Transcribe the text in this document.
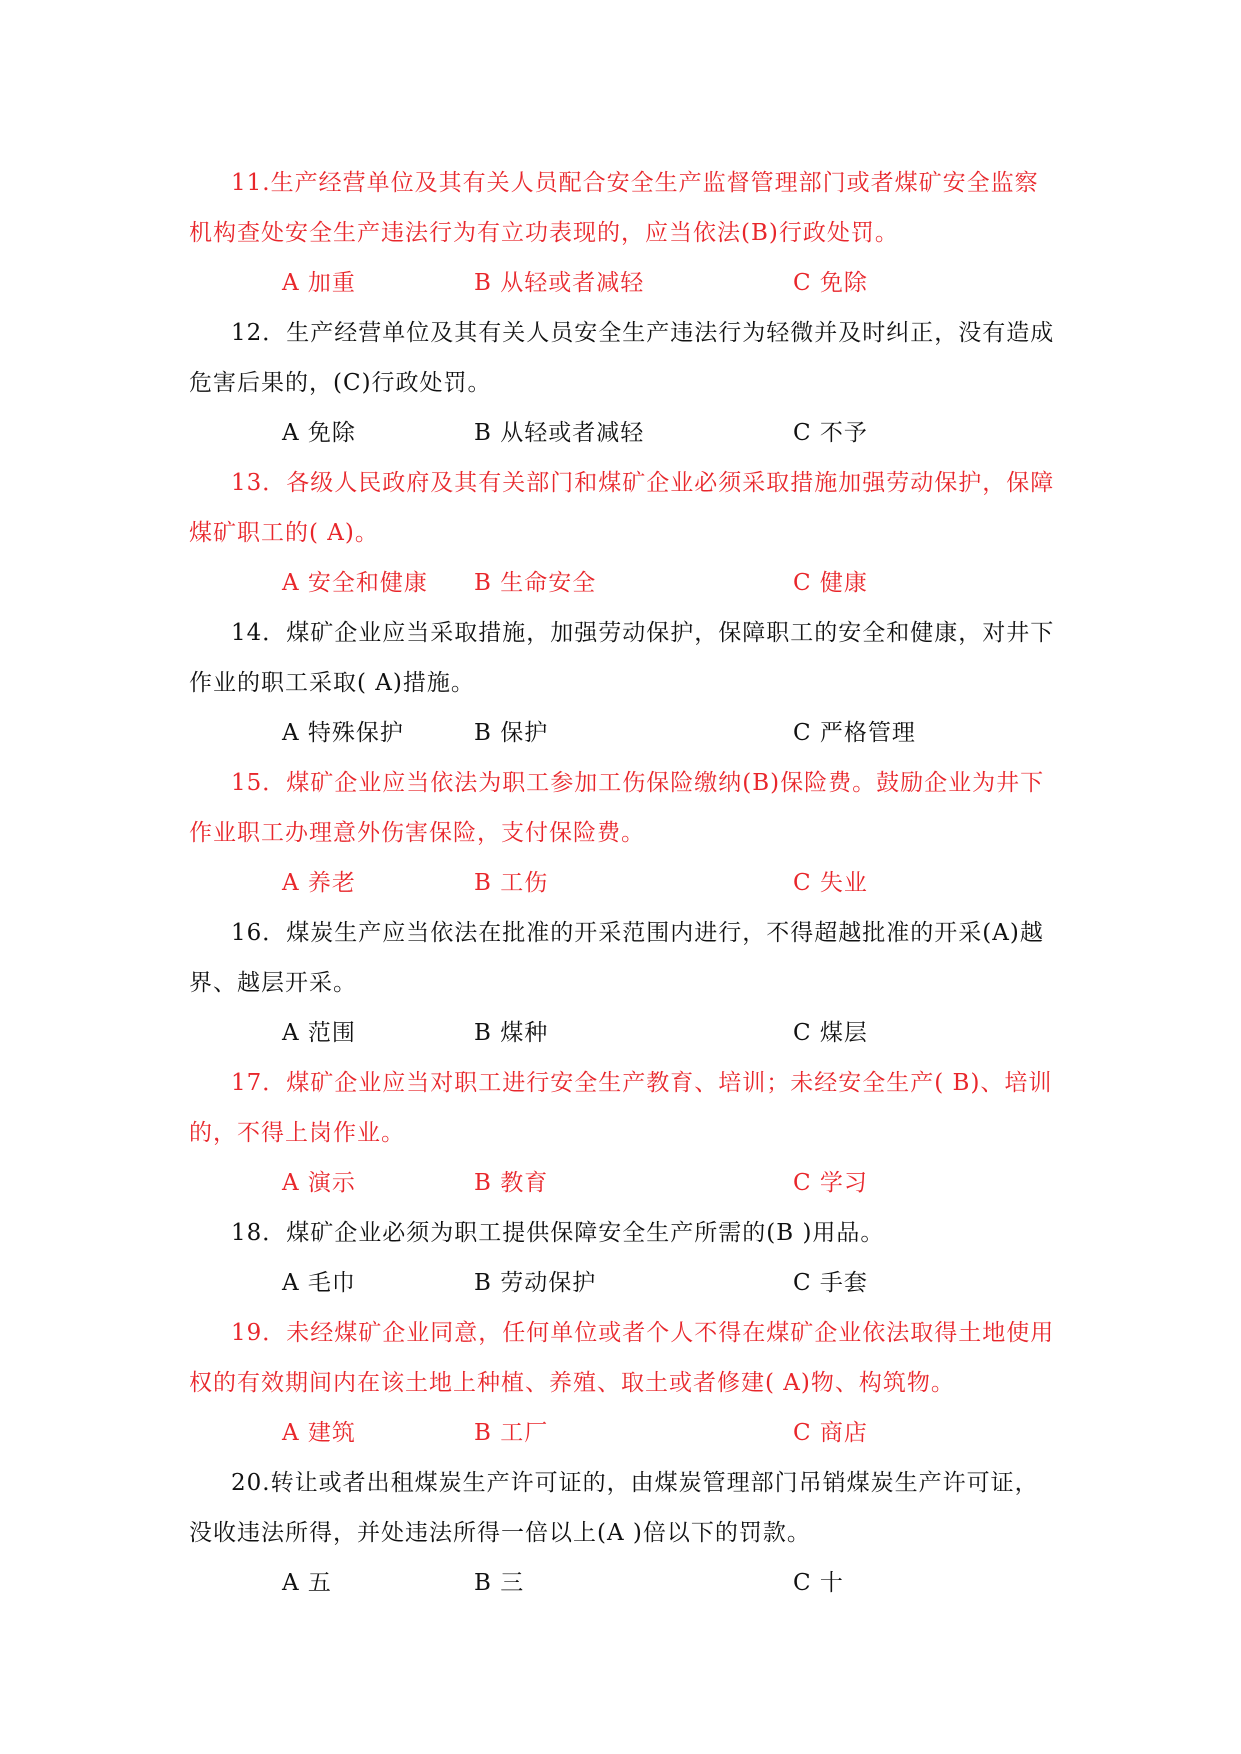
11.生产经营单位及其有关人员配合安全生产监督管理部门或者煤矿安全监察机构查处安全生产违法行为有立功表现的，应当依法(B)行政处罚。

A 加重	B 从轻或者减轻	C 免除

12．生产经营单位及其有关人员安全生产违法行为轻微并及时纠正，没有造成危害后果的，(C)行政处罚。

A 免除	B 从轻或者减轻	C 不予

13．各级人民政府及其有关部门和煤矿企业必须采取措施加强劳动保护，保障煤矿职工的( A)。

A 安全和健康 B 生命安全	C 健康

14．煤矿企业应当采取措施，加强劳动保护，保障职工的安全和健康，对井下作业的职工采取( A)措施。

A 特殊保护	B 保护	C 严格管理

15．煤矿企业应当依法为职工参加工伤保险缴纳(B)保险费。鼓励企业为井下作业职工办理意外伤害保险，支付保险费。

A 养老	B 工伤	C 失业

16．煤炭生产应当依法在批准的开采范围内进行，不得超越批准的开采(A)越界、越层开采。

A 范围	B 煤种	C 煤层

17．煤矿企业应当对职工进行安全生产教育、培训；未经安全生产( B)、培训的，不得上岗作业。

A 演示	B 教育	C 学习

18．煤矿企业必须为职工提供保障安全生产所需的(B )用品。

A 毛巾	B 劳动保护	C 手套

19．未经煤矿企业同意，任何单位或者个人不得在煤矿企业依法取得土地使用权的有效期间内在该土地上种植、养殖、取土或者修建( A)物、构筑物。

A 建筑	B 工厂	C 商店

20.转让或者出租煤炭生产许可证的，由煤炭管理部门吊销煤炭生产许可证，没收违法所得，并处违法所得一倍以上(A )倍以下的罚款。

A 五	B 三	C 十
